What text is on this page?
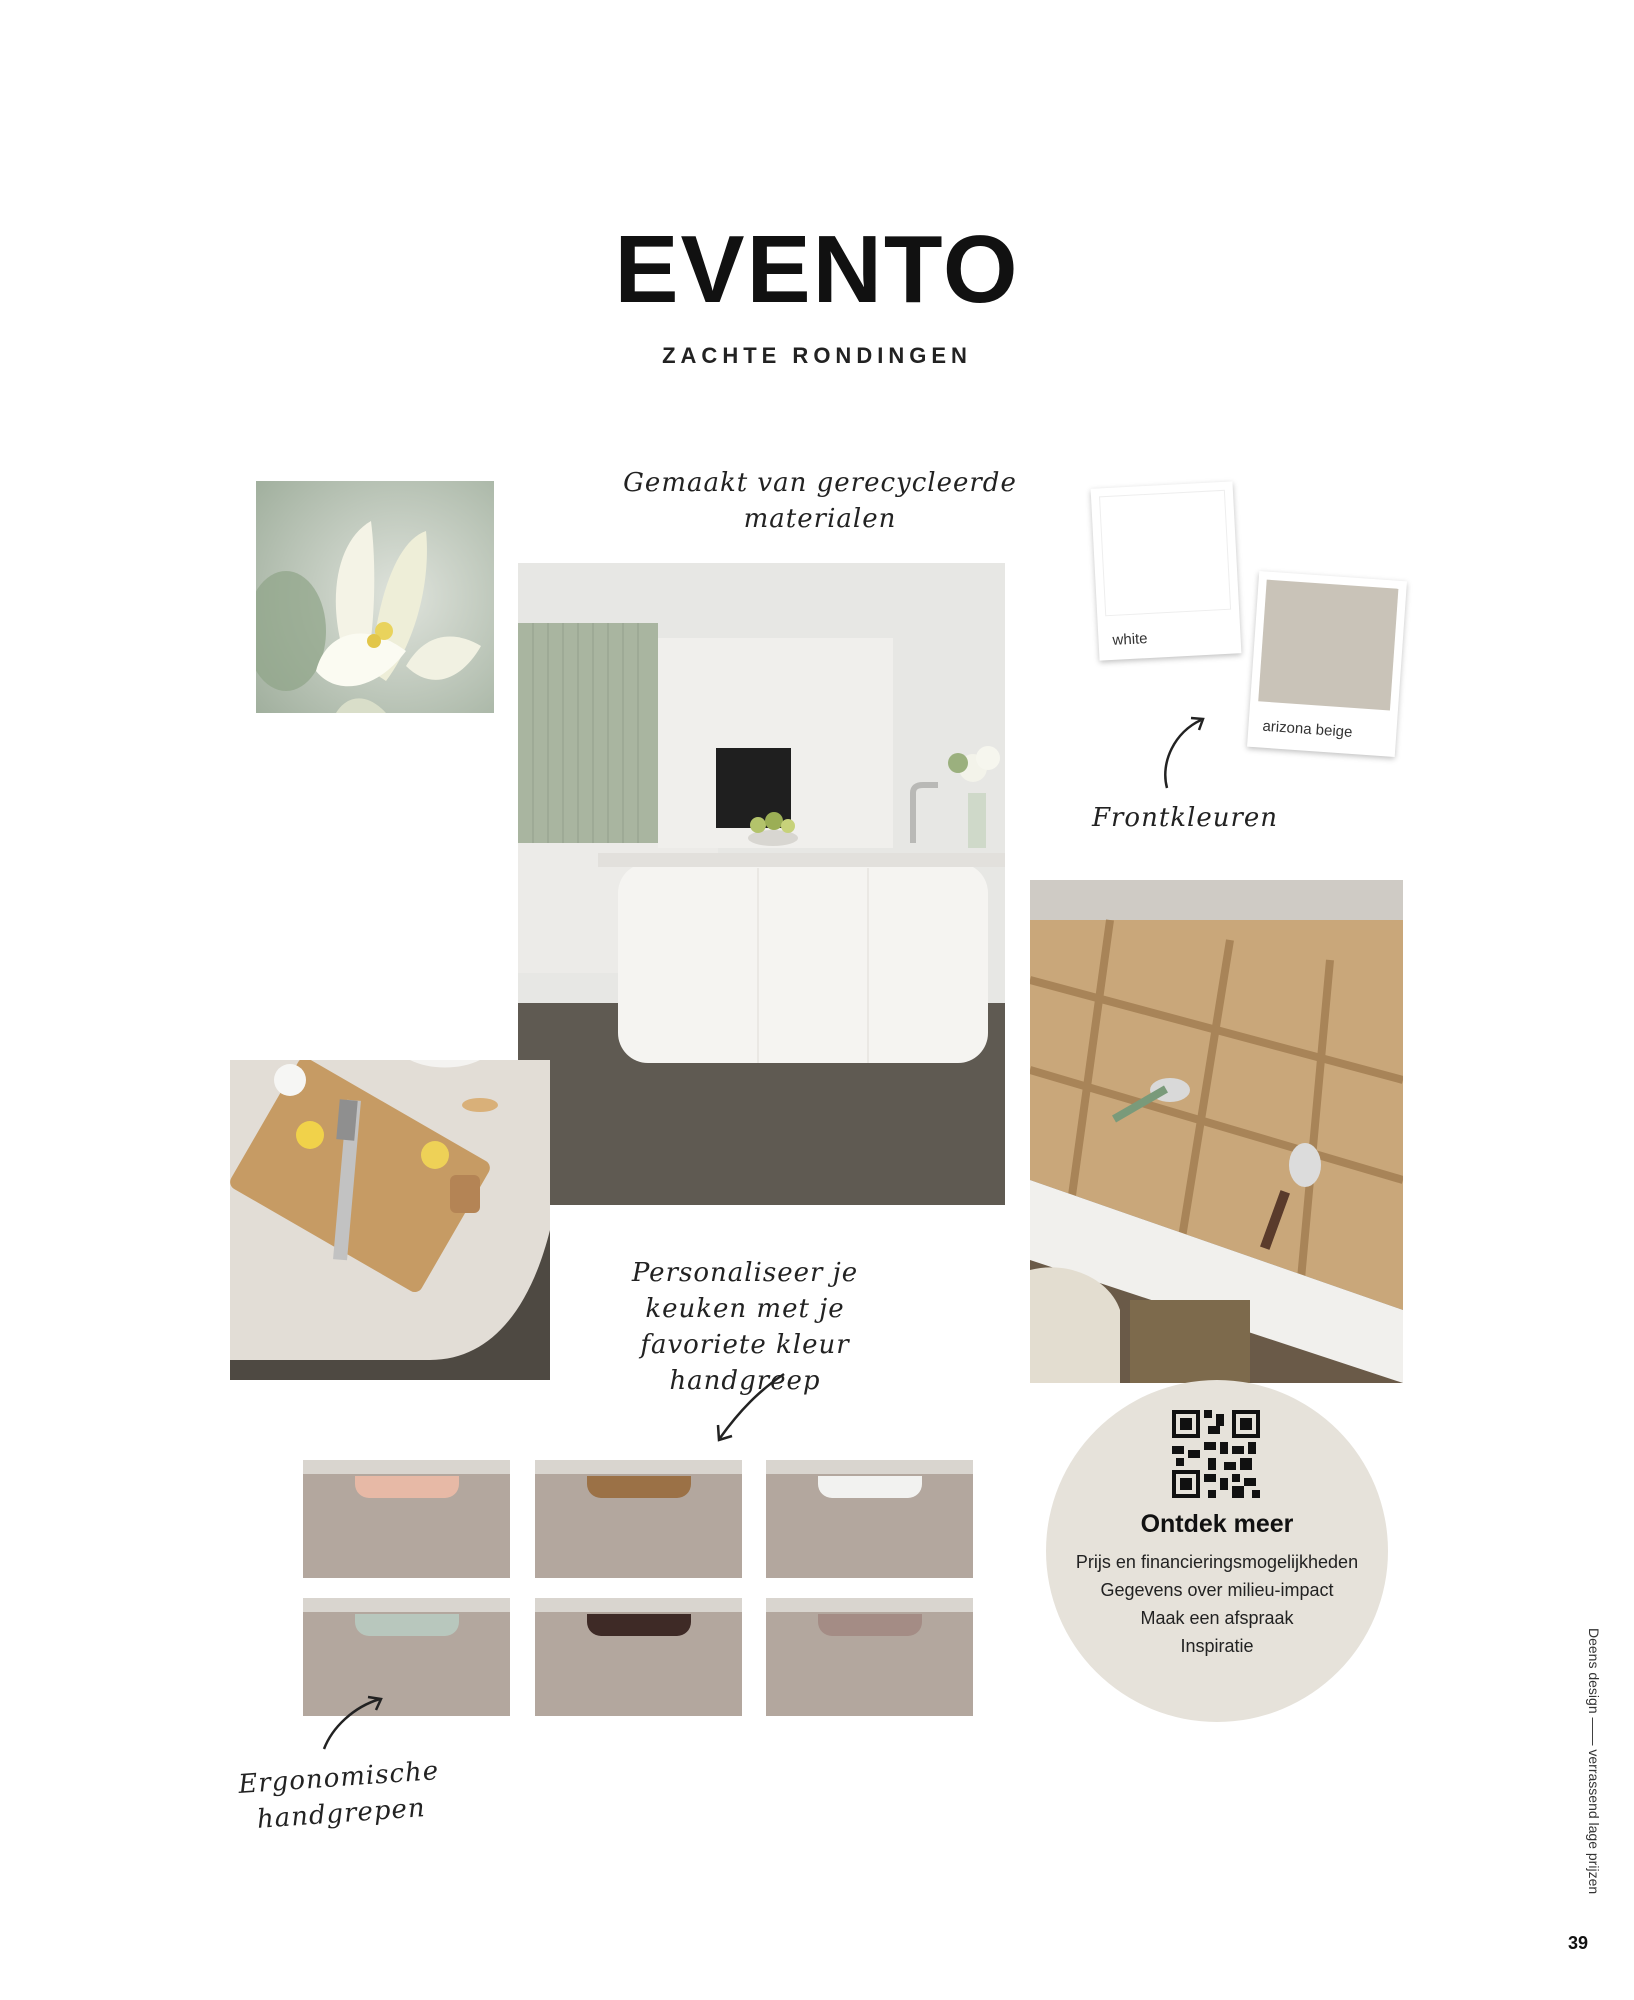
EVENTO
ZACHTE RONDINGEN
Gemaakt van gerecycleerde materialen
white
arizona beige
Frontkleuren
Personaliseer je keuken met je favoriete kleur handgreep
Ergonomische handgrepen
Ontdek meer
Prijs en financieringsmogelijkheden
Gegevens over milieu-impact
Maak een afspraak
Inspiratie	Deens design —— verrassend lage prijzen
39
